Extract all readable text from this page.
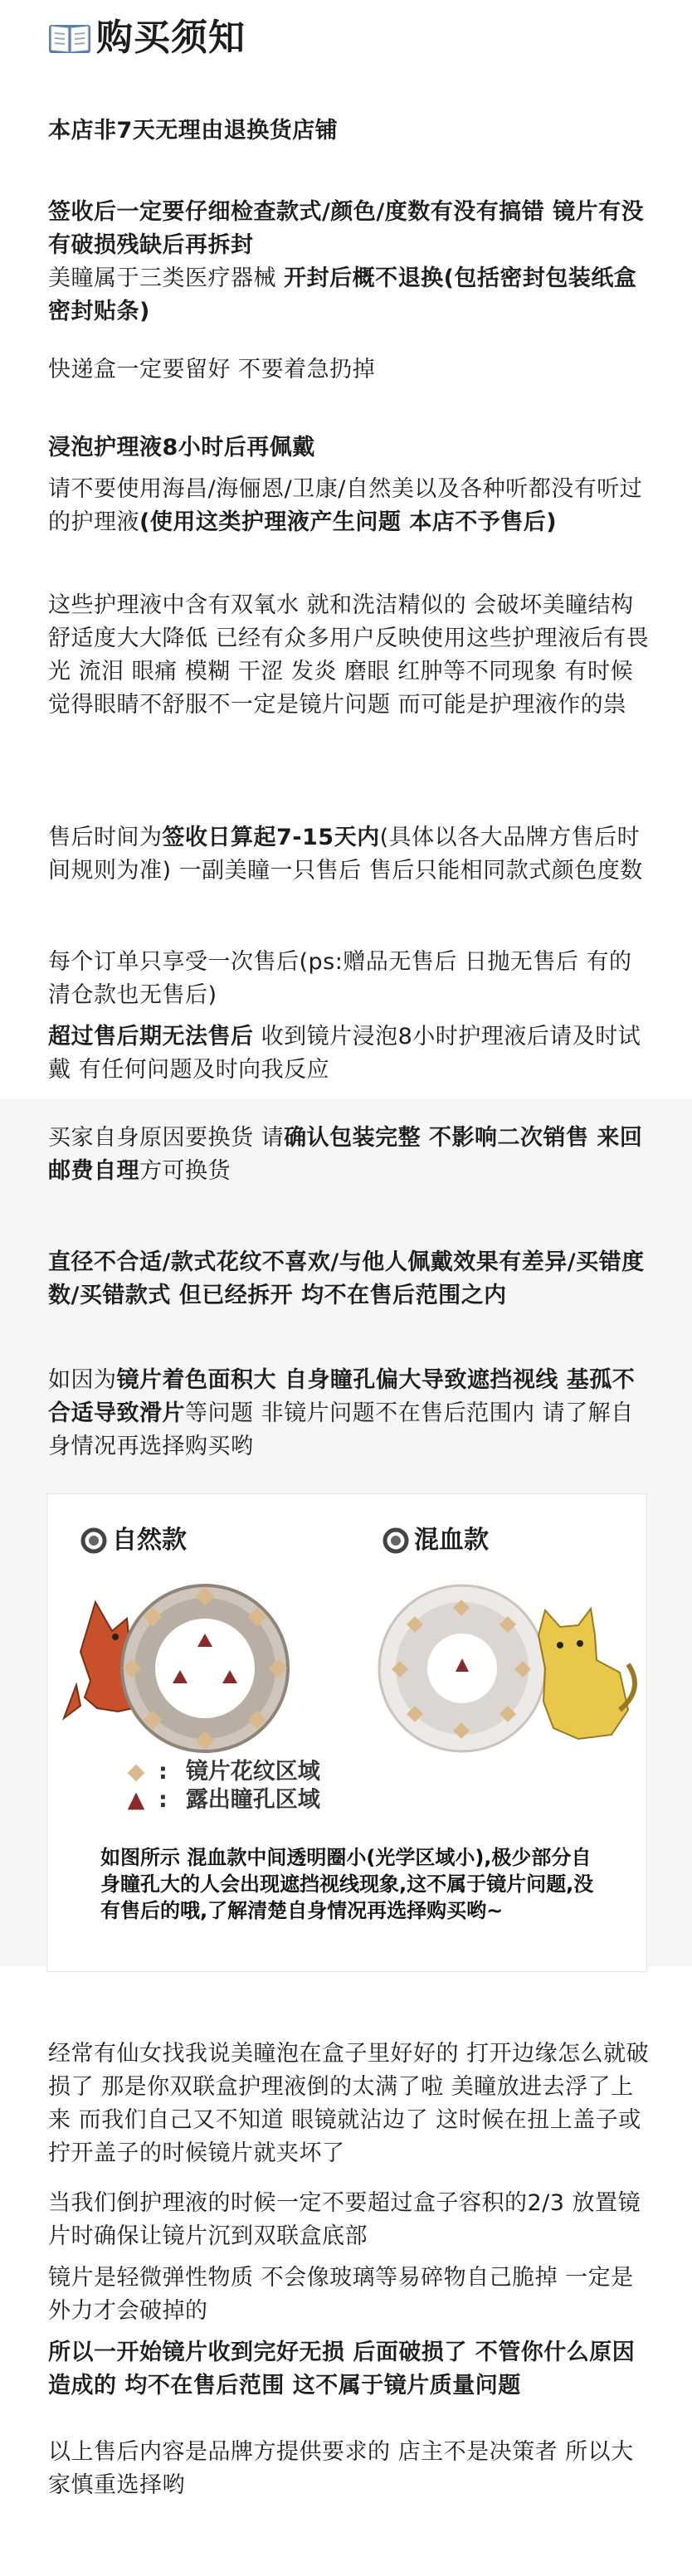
购买须知

本店非7天无理由退换货店铺

签收后一定要仔细检查款式/颜色/度数有没有搞错 镜片有没有破损残缺后再拆封

美瞳属于三类医疗器械 开封后概不退换(包括密封包装纸盒 密封贴条)

快递盒一定要留好 不要着急扔掉

浸泡护理液8小时后再佩戴

请不要使用海昌/海俪恩/卫康/自然美以及各种听都没有听过的护理液(使用这类护理液产生问题 本店不予售后)

这些护理液中含有双氧水 就和洗洁精似的 会破坏美瞳结构 舒适度大大降低 已经有众多用户反映使用这些护理液后有畏光 流泪 眼痛 模糊 干涩 发炎 磨眼 红肿等不同现象 有时候觉得眼睛不舒服不一定是镜片问题 而可能是护理液作的祟

售后时间为签收日算起7-15天内(具体以各大品牌方售后时间规则为准) 一副美瞳一只售后 售后只能相同款式颜色度数

每个订单只享受一次售后(ps:赠品无售后 日抛无售后 有的清仓款也无售后)

超过售后期无法售后 收到镜片浸泡8小时护理液后请及时试戴 有任何问题及时向我反应

买家自身原因要换货 请确认包装完整 不影响二次销售 来回邮费自理方可换货

直径不合适/款式花纹不喜欢/与他人佩戴效果有差异/买错度数/买错款式 但已经拆开 均不在售后范围之内

如因为镜片着色面积大 自身瞳孔偏大导致遮挡视线 基孤不合适导致滑片等问题 非镜片问题不在售后范围内 请了解自身情况再选择购买哟

自然款	混血款
◆ : 镜片花纹区域
▲ : 露出瞳孔区域
如图所示 混血款中间透明圈小(光学区域小),极少部分自身瞳孔大的人会出现遮挡视线现象,这不属于镜片问题,没有售后的哦,了解清楚自身情况再选择购买哟~

经常有仙女找我说美瞳泡在盒子里好好的 打开边缘怎么就破损了 那是你双联盒护理液倒的太满了啦 美瞳放进去浮了上来 而我们自己又不知道 眼镜就沾边了 这时候在扭上盖子或拧开盖子的时候镜片就夹坏了

当我们倒护理液的时候一定不要超过盒子容积的2/3 放置镜片时确保让镜片沉到双联盒底部

镜片是轻微弹性物质 不会像玻璃等易碎物自己脆掉 一定是外力才会破掉的

所以一开始镜片收到完好无损 后面破损了 不管你什么原因造成的 均不在售后范围 这不属于镜片质量问题

以上售后内容是品牌方提供要求的 店主不是决策者 所以大家慎重选择哟
